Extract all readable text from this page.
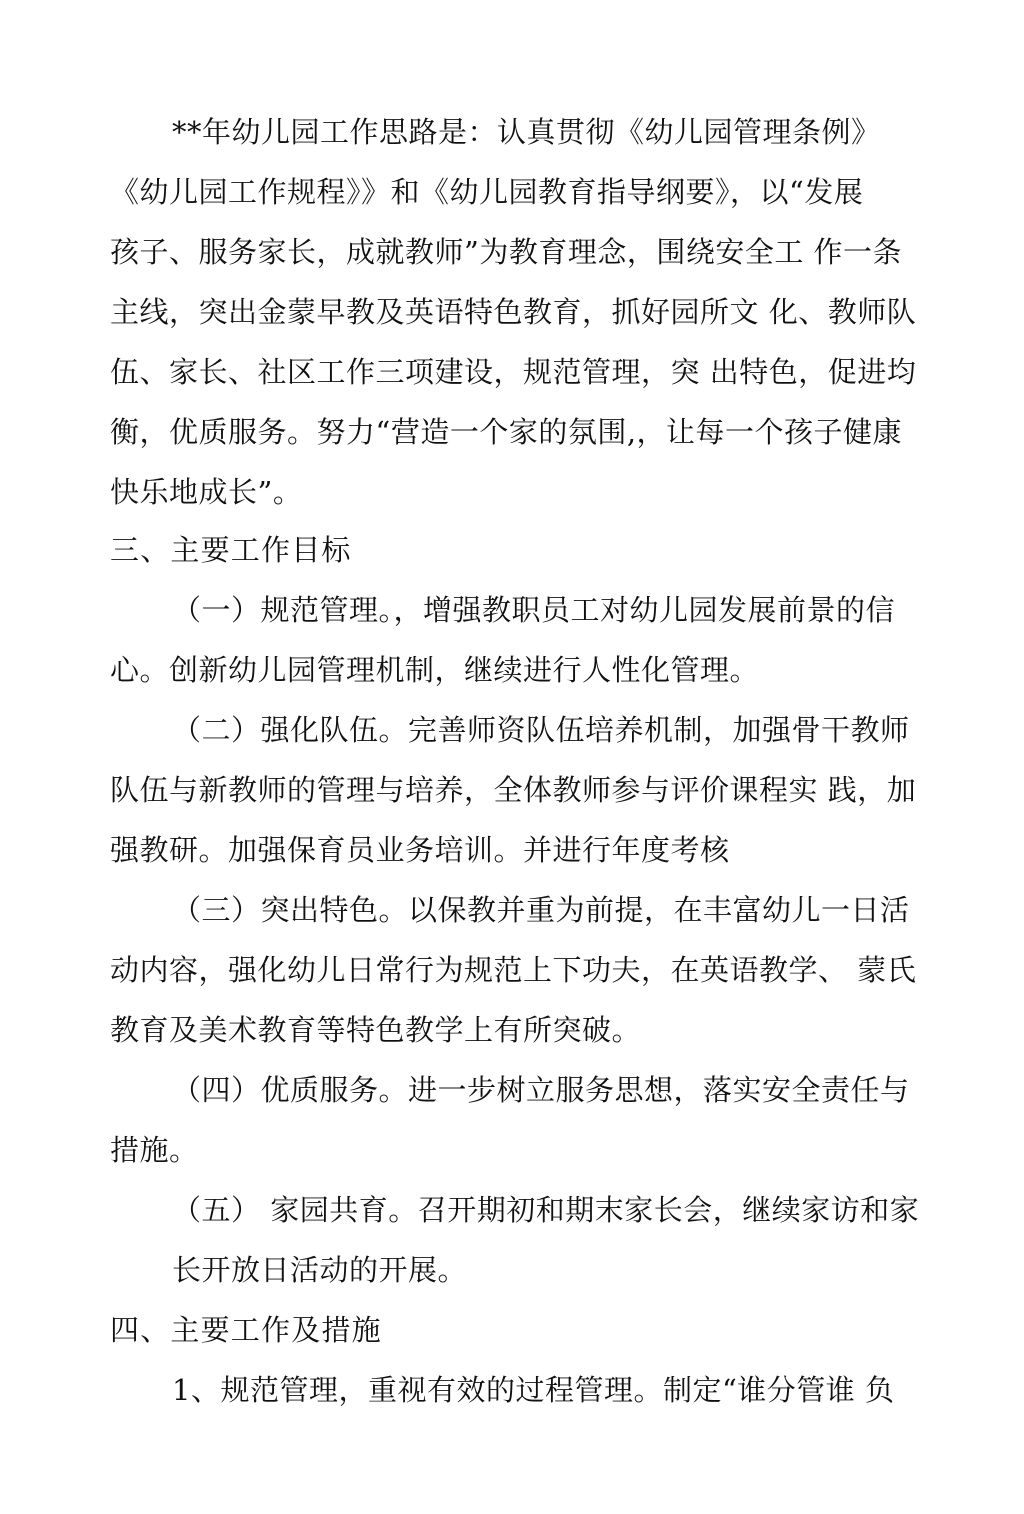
**年幼儿园工作思路是：认真贯彻《幼儿园管理条例》
《幼儿园工作规程》》和《幼儿园教育指导纲要》，以“发展
孩子、服务家长，成就教师”为教育理念，围绕安全工 作一条
主线，突出金蒙早教及英语特色教育，抓好园所文 化、教师队
伍、家长、社区工作三项建设，规范管理，突 出特色，促进均
衡，优质服务。努力“营造一个家的氛围,，让每一个孩子健康
快乐地成长”。
三、主要工作目标
（一）规范管理。，增强教职员工对幼儿园发展前景的信
心。创新幼儿园管理机制，继续进行人性化管理。
（二）强化队伍。完善师资队伍培养机制，加强骨干教师
队伍与新教师的管理与培养，全体教师参与评价课程实 践，加
强教研。加强保育员业务培训。并进行年度考核
（三）突出特色。以保教并重为前提，在丰富幼儿一日活
动内容，强化幼儿日常行为规范上下功夫，在英语教学、 蒙氏
教育及美术教育等特色教学上有所突破。
（四）优质服务。进一步树立服务思想，落实安全责任与
措施。
（五） 家园共育。召开期初和期末家长会，继续家访和家
长开放日活动的开展。
四、主要工作及措施
1、规范管理，重视有效的过程管理。制定“谁分管谁 负
